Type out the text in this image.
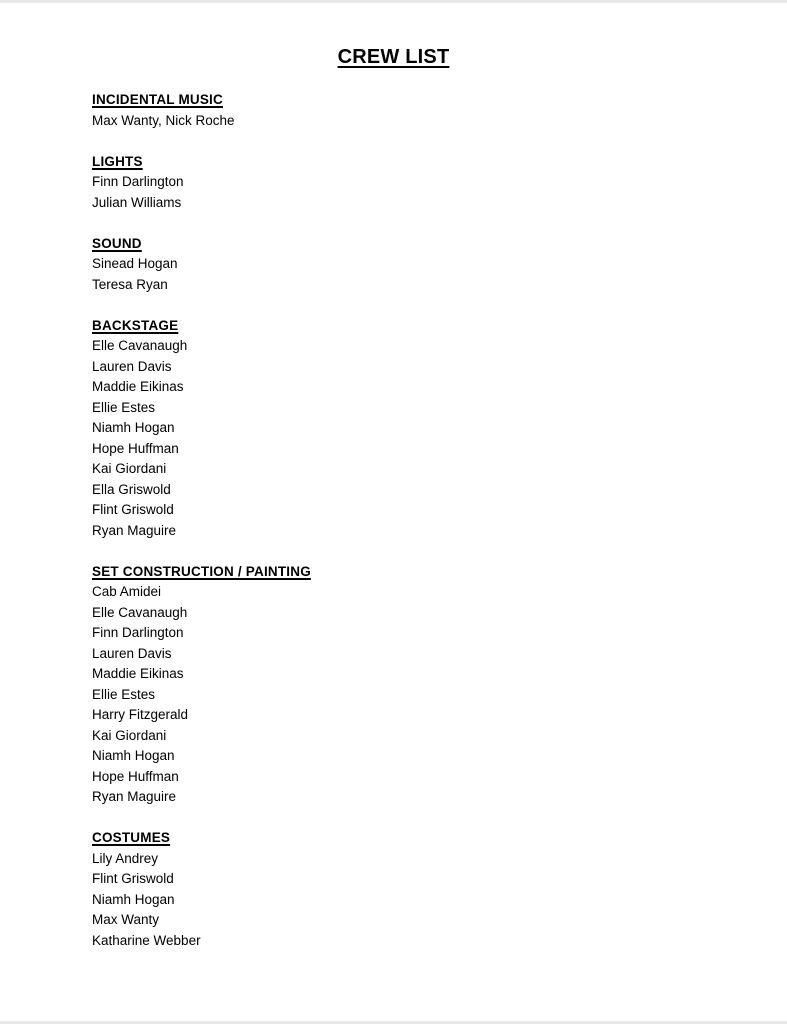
CREW LIST
INCIDENTAL MUSIC

Max Wanty, Nick Roche

LIGHTS

Finn Darlington

Julian Williams

SOUND

Sinead Hogan

Teresa Ryan

BACKSTAGE

Elle Cavanaugh

Lauren Davis

Maddie Eikinas

Ellie Estes

Niamh Hogan

Hope Huffman

Kai Giordani

Ella Griswold

Flint Griswold

Ryan Maguire

SET CONSTRUCTION / PAINTING

Cab Amidei

Elle Cavanaugh

Finn Darlington

Lauren Davis

Maddie Eikinas

Ellie Estes

Harry Fitzgerald

Kai Giordani

Niamh Hogan

Hope Huffman

Ryan Maguire

COSTUMES

Lily Andrey

Flint Griswold

Niamh Hogan

Max Wanty

Katharine Webber
